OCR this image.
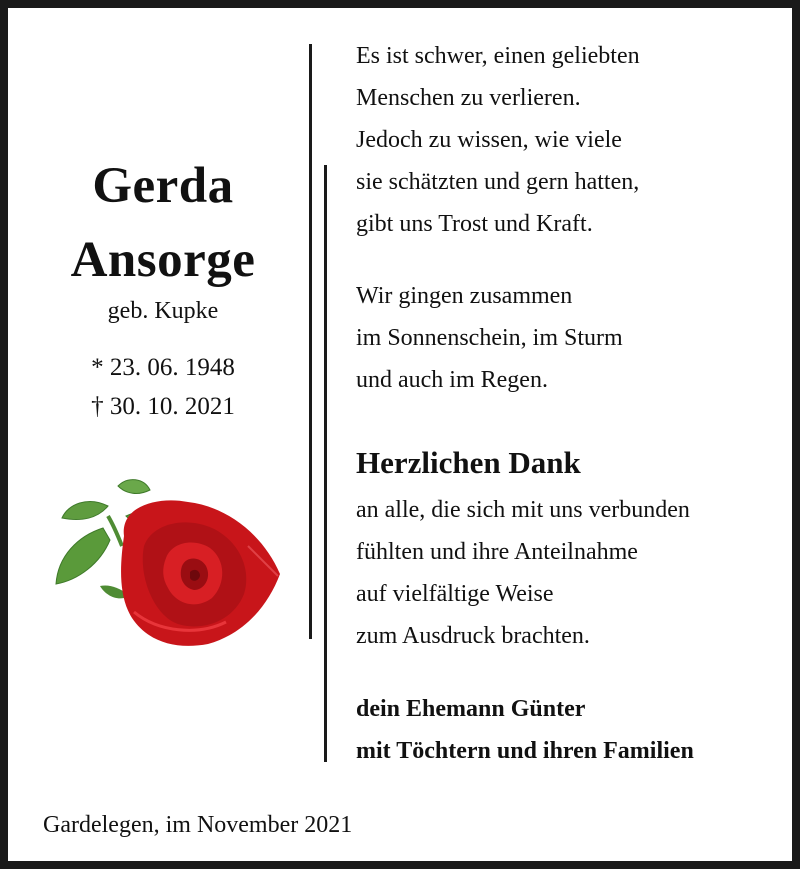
Gerda
Ansorge
geb. Kupke
* 23. 06. 1948
† 30. 10. 2021
Es ist schwer, einen geliebten
Menschen zu verlieren.
Jedoch zu wissen, wie viele
sie schätzten und gern hatten,
gibt uns Trost und Kraft.
Wir gingen zusammen
im Sonnenschein, im Sturm
und auch im Regen.
Herzlichen Dank
an alle, die sich mit uns verbunden
fühlten und ihre Anteilnahme
auf vielfältige Weise
zum Ausdruck brachten.
dein Ehemann Günter
mit Töchtern und ihren Familien
Gardelegen, im November 2021
